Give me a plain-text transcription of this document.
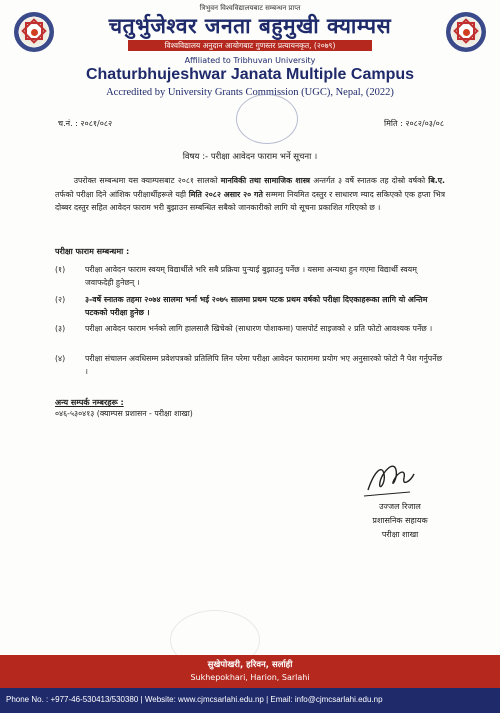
त्रिभुवन विश्वविद्यालयबाट सम्बन्धन प्राप्त
चतुर्भुजेश्वर जनता बहुमुखी क्याम्पस
विश्वविद्यालय अनुदान आयोगबाट गुणस्तर प्रत्यायनकृत, (२०७९)
Affiliated to Tribhuvan University
Chaturbhujeshwar Janata Multiple Campus
Accredited by University Grants Commission (UGC), Nepal, (2022)
च.नं. : २०८१/०८२	मिति : २०८२/०३/०८
विषय :- परीक्षा आवेदन फाराम भर्ने सूचना ।
उपरोक्त सम्बन्धमा यस क्याम्पसबाट २०८१ सालको मानविकी तथा सामाजिक शास्त्र अन्तर्गत ३ वर्षे स्नातक तह दोस्रो वर्षको बि.ए. तर्फको परीक्षा दिने आंशिक परीक्षार्थीहरूले यही मिति २०८२ असार २० गते सम्ममा नियमित दस्तुर र साधारण म्याद सकिएको एक हप्ता भित्र दोब्बर दस्तुर सहित आवेदन फाराम भरी बुझाउन सम्बन्धित सबैको जानकारीको लागि यो सूचना प्रकाशित गरिएको छ ।
परीक्षा फाराम सम्बन्धमा :
(१)	परीक्षा आवेदन फाराम स्वयम् विद्यार्थीले भरि सबै प्रक्रिया पुर्‍याई बुझाउनु पर्नेछ । यसमा अन्यथा हुन गएमा विद्यार्थी स्वयम् जवाफदेही हुनेछन् ।
(२)	३-वर्षे स्नातक तहमा २०७४ सालमा भर्ना भई २०७५ सालमा प्रथम पटक प्रथम वर्षको परीक्षा दिएकाहरूका लागि यो अन्तिम पटकको परीक्षा हुनेछ ।
(३)	परीक्षा आवेदन फाराम भर्नको लागि हालसालै खिचेको (साधारण पोशाकमा) पासपोर्ट साइजको २ प्रति फोटो आवश्यक पर्नेछ ।
(४)	परीक्षा संचालन अवधिसम्म प्रवेशपत्रको प्रतिलिपि लिन परेमा परीक्षा आवेदन फाराममा प्रयोग भए अनुसारको फोटो नै पेश गर्नुपर्नेछ ।
अन्य सम्पर्क नम्बरहरू :
०४६-५३०४१३ (क्याम्पस प्रशासन - परीक्षा शाखा)
उज्जल रिजाल
प्रशासनिक सहायक
परीक्षा शाखा
सुखेपोखरी, हरिवन, सर्लाही
Sukhepokhari, Harion, Sarlahi
Phone No. : +977-46-530413/530380 | Website: www.cjmcsarlahi.edu.np | Email: info@cjmcsarlahi.edu.np
